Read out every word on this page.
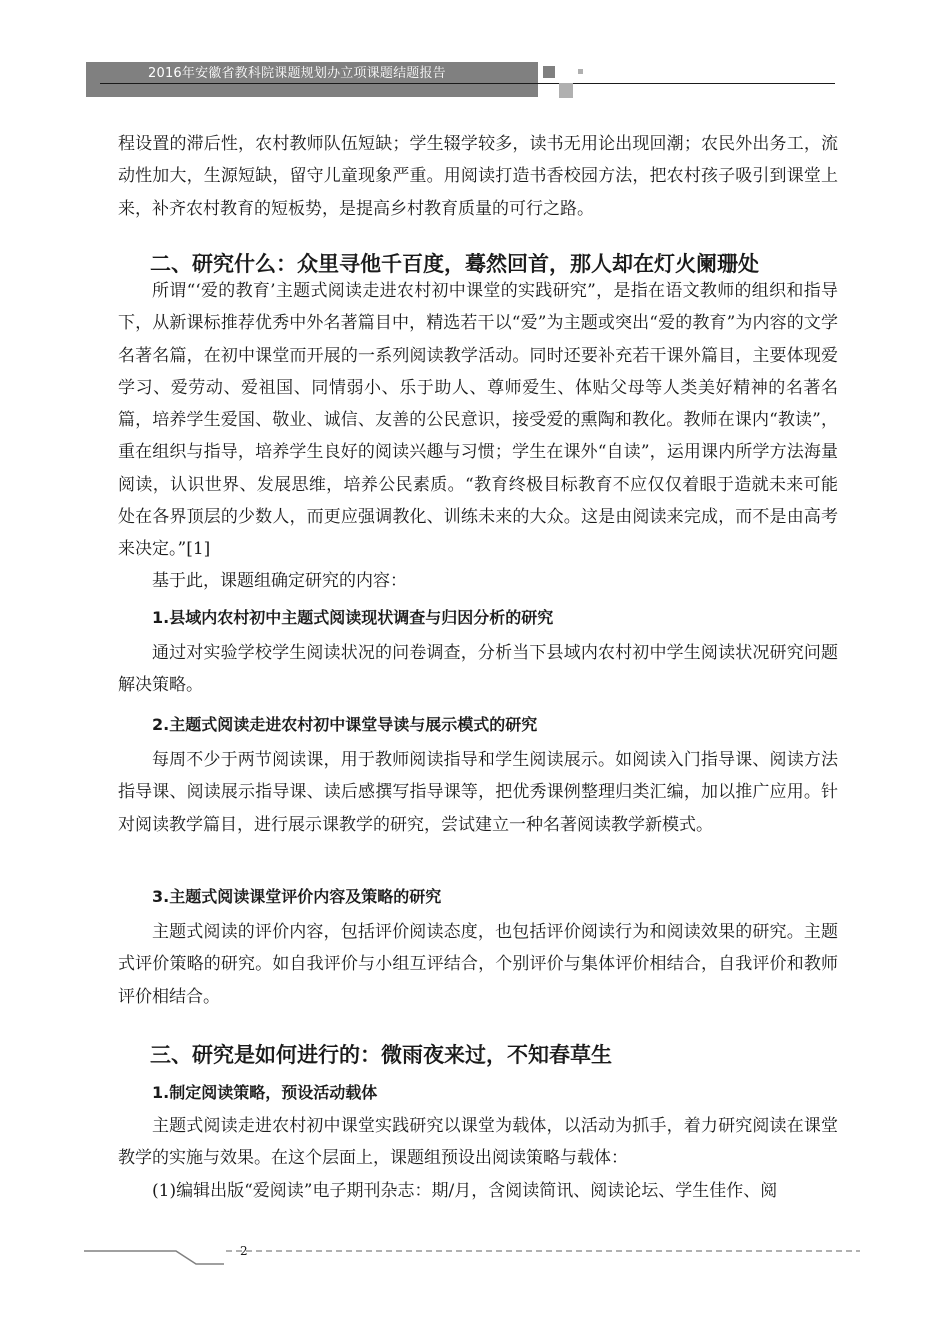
2016年安徽省教科院课题规划办立项课题结题报告
程设置的滞后性，农村教师队伍短缺；学生辍学较多，读书无用论出现回潮；农民外出务工，流动性加大，生源短缺，留守儿童现象严重。用阅读打造书香校园方法，把农村孩子吸引到课堂上来，补齐农村教育的短板势，是提高乡村教育质量的可行之路。
二、研究什么：众里寻他千百度，蓦然回首，那人却在灯火阑珊处
所谓“‘爱的教育’主题式阅读走进农村初中课堂的实践研究”，是指在语文教师的组织和指导下，从新课标推荐优秀中外名著篇目中，精选若干以“爱”为主题或突出“爱的教育”为内容的文学名著名篇，在初中课堂而开展的一系列阅读教学活动。同时还要补充若干课外篇目，主要体现爱学习、爱劳动、爱祖国、同情弱小、乐于助人、尊师爱生、体贴父母等人类美好精神的名著名篇，培养学生爱国、敬业、诚信、友善的公民意识，接受爱的熏陶和教化。教师在课内“教读”，重在组织与指导，培养学生良好的阅读兴趣与习惯；学生在课外“自读”，运用课内所学方法海量阅读，认识世界、发展思维，培养公民素质。“教育终极目标教育不应仅仅着眼于造就未来可能处在各界顶层的少数人，而更应强调教化、训练未来的大众。这是由阅读来完成，而不是由高考来决定。”[1]
基于此，课题组确定研究的内容：
1.县域内农村初中主题式阅读现状调查与归因分析的研究
通过对实验学校学生阅读状况的问卷调查，分析当下县域内农村初中学生阅读状况研究问题解决策略。
2.主题式阅读走进农村初中课堂导读与展示模式的研究
每周不少于两节阅读课，用于教师阅读指导和学生阅读展示。如阅读入门指导课、阅读方法指导课、阅读展示指导课、读后感撰写指导课等，把优秀课例整理归类汇编，加以推广应用。针对阅读教学篇目，进行展示课教学的研究，尝试建立一种名著阅读教学新模式。
3.主题式阅读课堂评价内容及策略的研究
主题式阅读的评价内容，包括评价阅读态度，也包括评价阅读行为和阅读效果的研究。主题式评价策略的研究。如自我评价与小组互评结合，个别评价与集体评价相结合，自我评价和教师评价相结合。
三、研究是如何进行的：微雨夜来过，不知春草生
1.制定阅读策略，预设活动载体
主题式阅读走进农村初中课堂实践研究以课堂为载体，以活动为抓手，着力研究阅读在课堂教学的实施与效果。在这个层面上，课题组预设出阅读策略与载体：
(1)编辑出版“爱阅读”电子期刊杂志：期/月，含阅读简讯、阅读论坛、学生佳作、阅
2
